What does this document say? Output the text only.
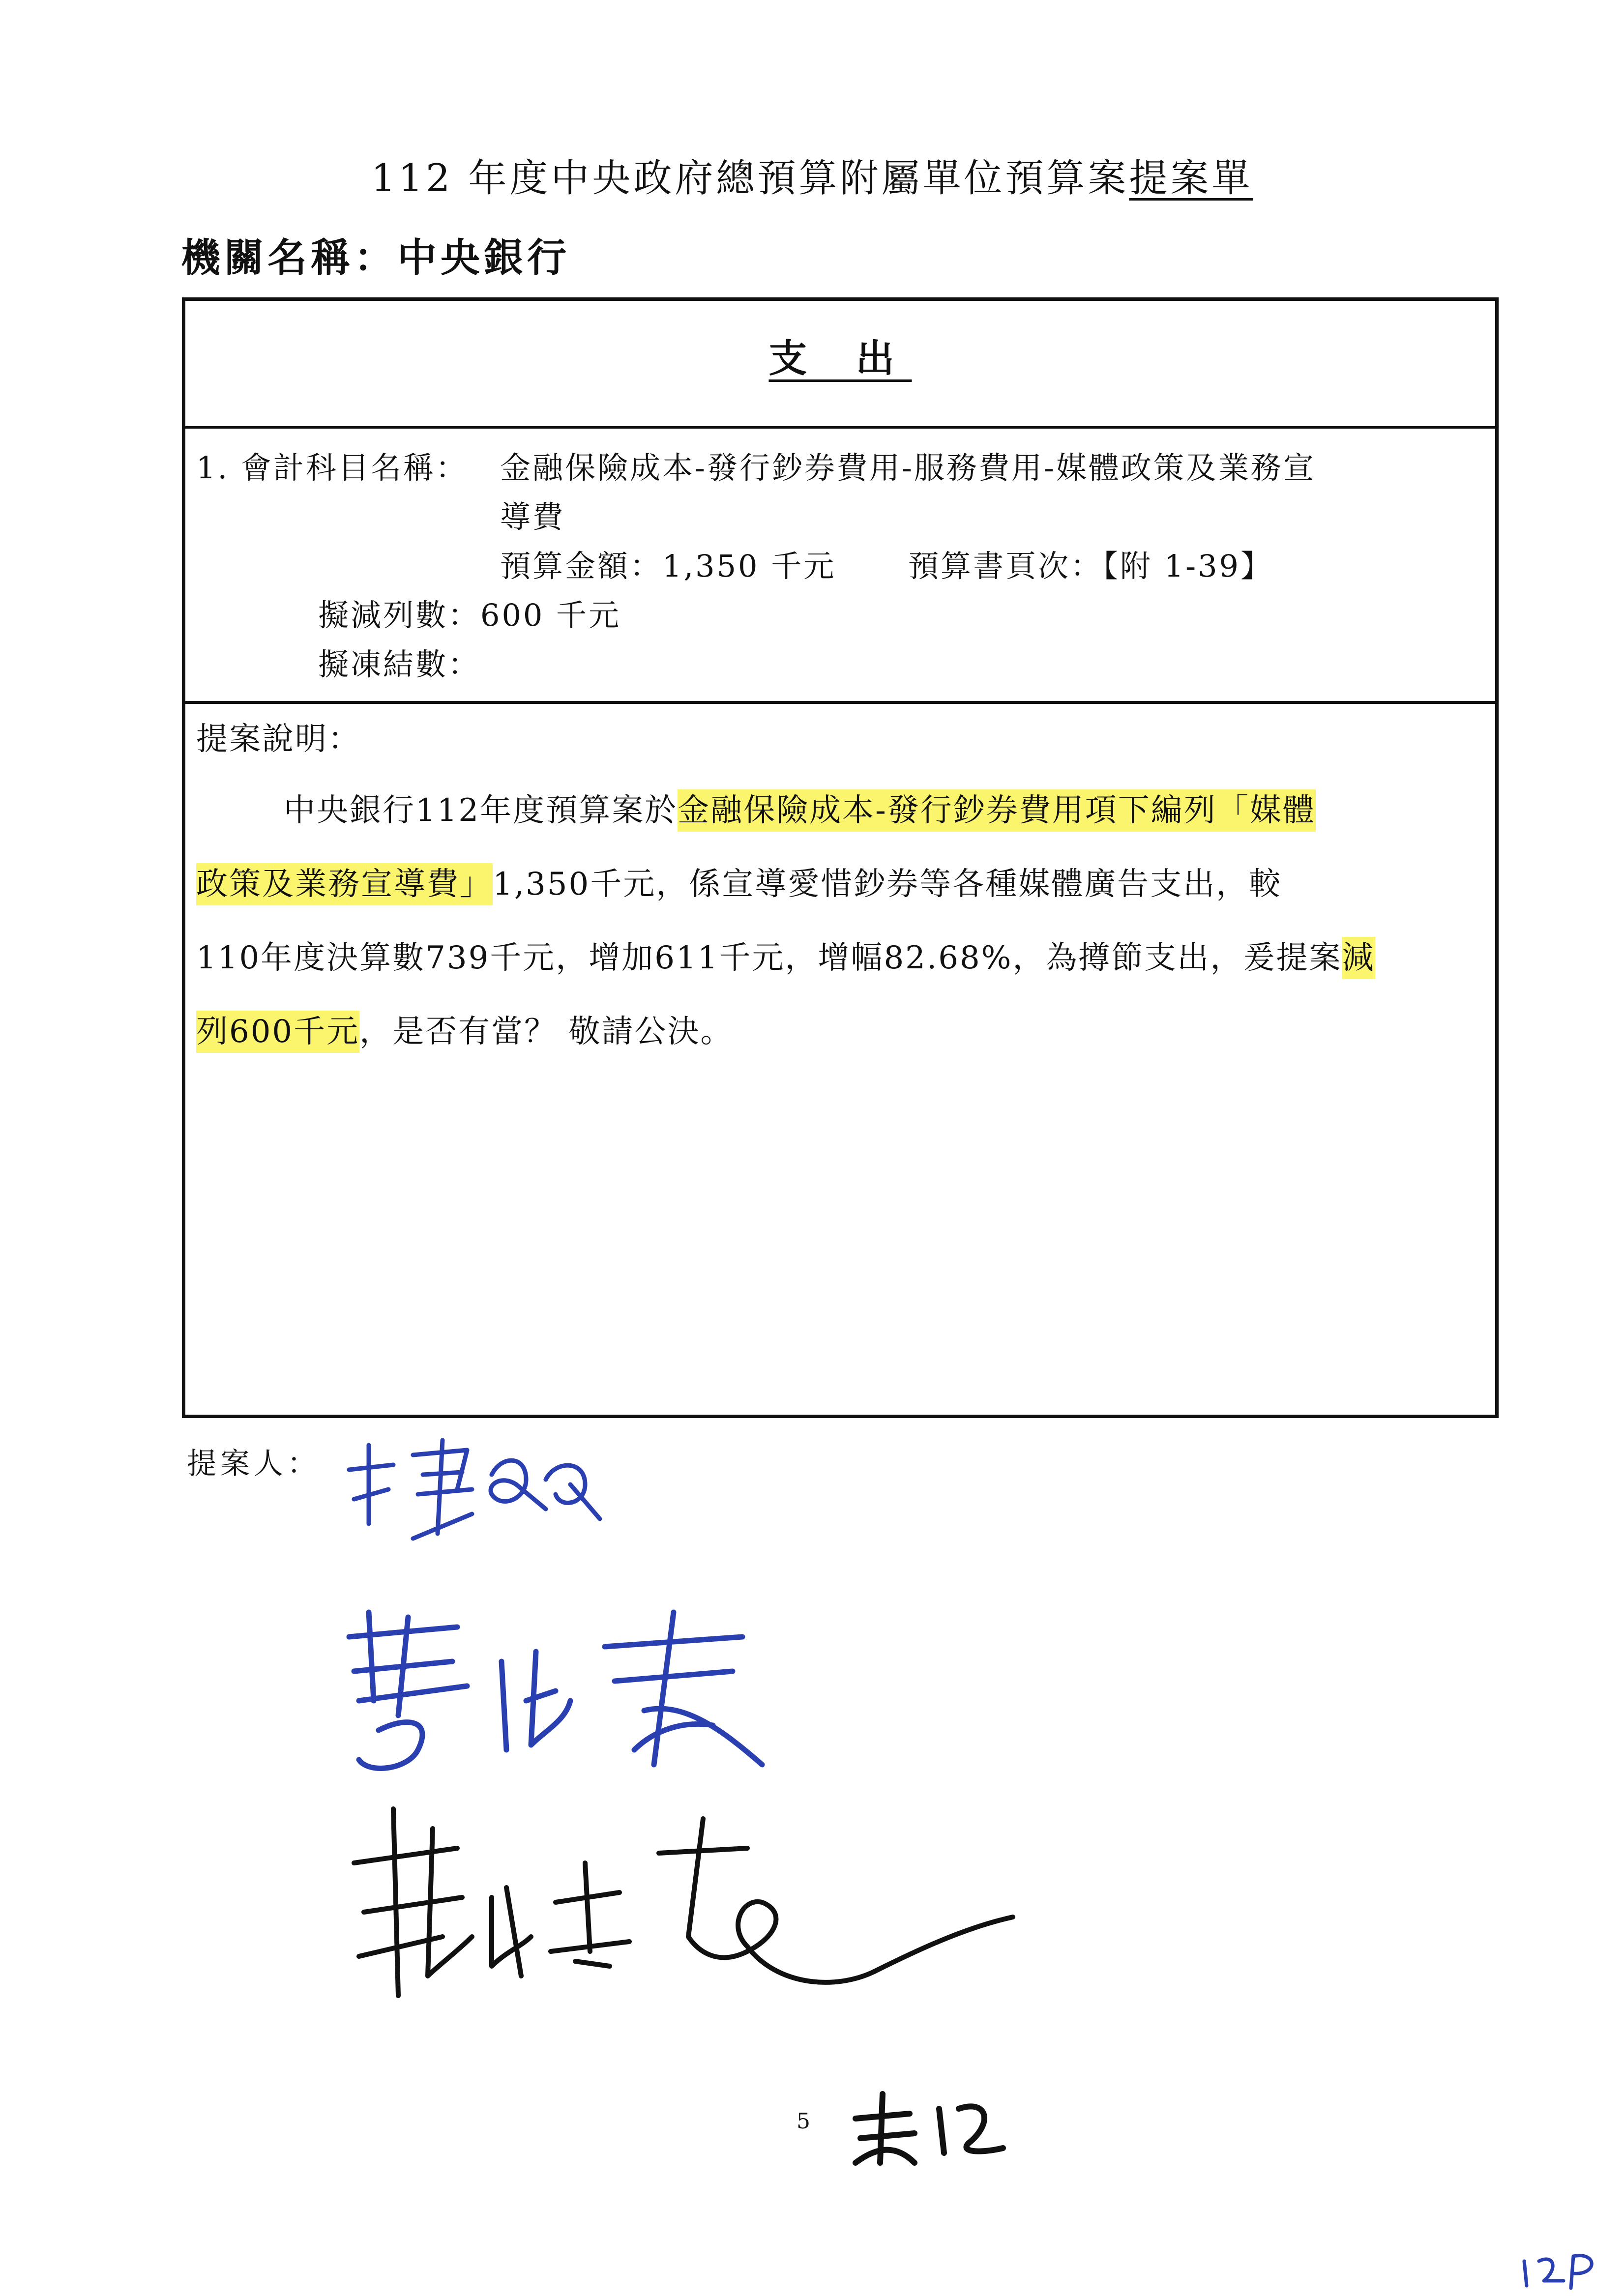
112 年度中央政府總預算附屬單位預算案提案單
機關名稱：中央銀行
支 出
1. 會計科目名稱： 金融保險成本-發行鈔券費用-服務費用-媒體政策及業務宣
導費
預算金額：1,350 千元 預算書頁次：【附 1-39】
擬減列數：600 千元
擬凍結數：
提案說明：
中央銀行112年度預算案於金融保險成本-發行鈔券費用項下編列「媒體
政策及業務宣導費」1,350千元，係宣導愛惜鈔券等各種媒體廣告支出，較
110年度決算數739千元，增加611千元，增幅82.68%，為撙節支出，爰提案減
列600千元，是否有當？ 敬請公決。
提案人：
5
